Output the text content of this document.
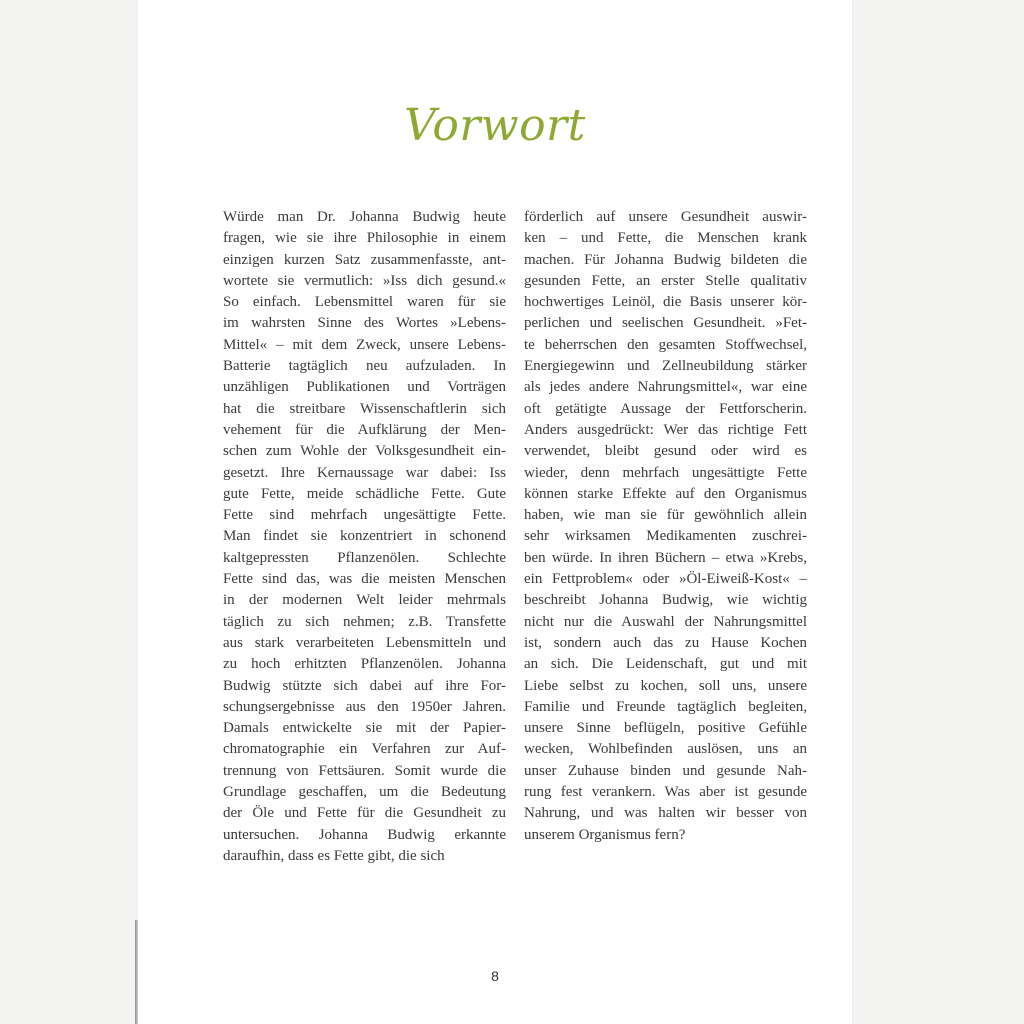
Vorwort
Würde man Dr. Johanna Budwig heute
fragen, wie sie ihre Philosophie in einem
einzigen kurzen Satz zusammenfasste, ant-
wortete sie vermutlich: »Iss dich gesund.«
So einfach. Lebensmittel waren für sie
im wahrsten Sinne des Wortes »Lebens-
Mittel« – mit dem Zweck, unsere Lebens-
Batterie tagtäglich neu aufzuladen. In
unzähligen Publikationen und Vorträgen
hat die streitbare Wissenschaftlerin sich
vehement für die Aufklärung der Men-
schen zum Wohle der Volksgesundheit ein-
gesetzt. Ihre Kernaussage war dabei: Iss
gute Fette, meide schädliche Fette. Gute
Fette sind mehrfach ungesättigte Fette.
Man findet sie konzentriert in schonend
kaltgepressten Pflanzenölen. Schlechte
Fette sind das, was die meisten Menschen
in der modernen Welt leider mehrmals
täglich zu sich nehmen; z.B. Transfette
aus stark verarbeiteten Lebensmitteln und
zu hoch erhitzten Pflanzenölen. Johanna
Budwig stützte sich dabei auf ihre For-
schungsergebnisse aus den 1950er Jahren.
Damals entwickelte sie mit der Papier-
chromatographie ein Verfahren zur Auf-
trennung von Fettsäuren. Somit wurde die
Grundlage geschaffen, um die Bedeutung
der Öle und Fette für die Gesundheit zu
untersuchen. Johanna Budwig erkannte
daraufhin, dass es Fette gibt, die sich
förderlich auf unsere Gesundheit auswir-
ken – und Fette, die Menschen krank
machen. Für Johanna Budwig bildeten die
gesunden Fette, an erster Stelle qualitativ
hochwertiges Leinöl, die Basis unserer kör-
perlichen und seelischen Gesundheit. »Fet-
te beherrschen den gesamten Stoffwechsel,
Energiegewinn und Zellneubildung stärker
als jedes andere Nahrungsmittel«, war eine
oft getätigte Aussage der Fettforscherin.
Anders ausgedrückt: Wer das richtige Fett
verwendet, bleibt gesund oder wird es
wieder, denn mehrfach ungesättigte Fette
können starke Effekte auf den Organismus
haben, wie man sie für gewöhnlich allein
sehr wirksamen Medikamenten zuschrei-
ben würde. In ihren Büchern – etwa »Krebs,
ein Fettproblem« oder »Öl-Eiweiß-Kost« –
beschreibt Johanna Budwig, wie wichtig
nicht nur die Auswahl der Nahrungsmittel
ist, sondern auch das zu Hause Kochen
an sich. Die Leidenschaft, gut und mit
Liebe selbst zu kochen, soll uns, unsere
Familie und Freunde tagtäglich begleiten,
unsere Sinne beflügeln, positive Gefühle
wecken, Wohlbefinden auslösen, uns an
unser Zuhause binden und gesunde Nah-
rung fest verankern. Was aber ist gesunde
Nahrung, und was halten wir besser von
unserem Organismus fern?
8
